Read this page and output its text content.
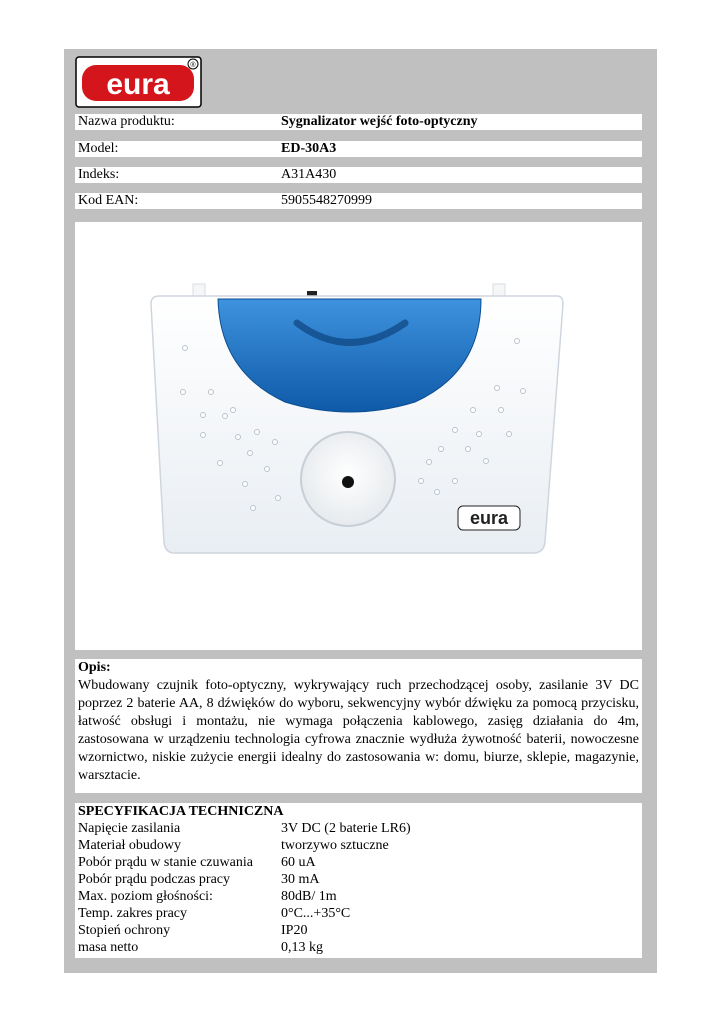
eura
®
Nazwa produktu:	Sygnalizator wejść foto-optyczny
Model:	ED-30A3
Indeks:	A31A430
Kod EAN:	5905548270999
eura
Opis:
Wbudowany czujnik foto-optyczny, wykrywający ruch przechodzącej osoby, zasilanie 3V DC poprzez 2 baterie AA, 8 dźwięków do wyboru, sekwencyjny wybór dźwięku za pomocą przycisku, łatwość obsługi i montażu, nie wymaga połączenia kablowego, zasięg działania do 4m, zastosowana w urządzeniu technologia cyfrowa znacznie wydłuża żywotność baterii, nowoczesne wzornictwo, niskie zużycie energii idealny do zastosowania w: domu, biurze, sklepie, magazynie, warsztacie.
SPECYFIKACJA TECHNICZNA
Napięcie zasilania	3V DC (2 baterie LR6)
Materiał obudowy	tworzywo sztuczne
Pobór prądu w stanie czuwania 60 uA
Pobór prądu podczas pracy	30 mA
Max. poziom głośności:	80dB/ 1m
Temp. zakres pracy	0°C...+35°C
Stopień ochrony	IP20
masa netto	0,13 kg
